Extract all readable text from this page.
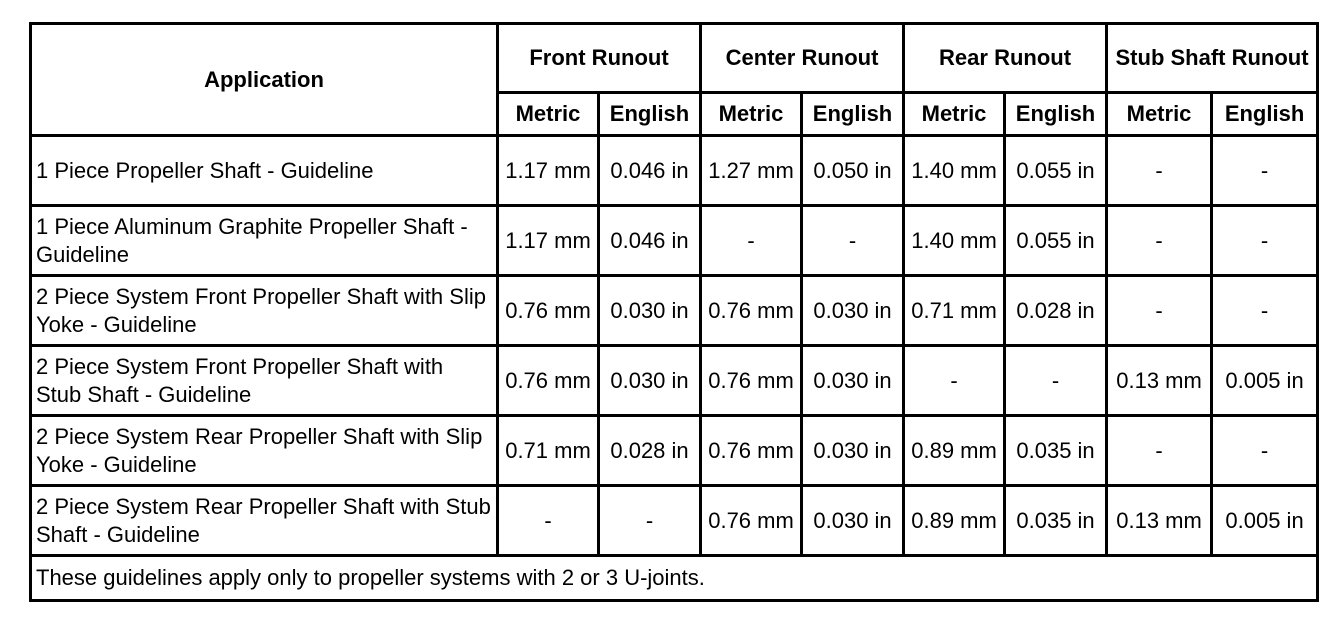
Application	Front Runout		Center Runout		Rear Runout		Stub Shaft Runout	
	Metric	English	Metric	English	Metric	English	Metric	English
1 Piece Propeller Shaft - Guideline	1.17 mm	0.046 in	1.27 mm	0.050 in	1.40 mm	0.055 in	-	-
1 Piece Aluminum Graphite Propeller Shaft - Guideline	1.17 mm	0.046 in	-	-	1.40 mm	0.055 in	-	-
2 Piece System Front Propeller Shaft with Slip Yoke - Guideline	0.76 mm	0.030 in	0.76 mm	0.030 in	0.71 mm	0.028 in	-	-
2 Piece System Front Propeller Shaft with Stub Shaft - Guideline	0.76 mm	0.030 in	0.76 mm	0.030 in	-	-	0.13 mm	0.005 in
2 Piece System Rear Propeller Shaft with Slip Yoke - Guideline	0.71 mm	0.028 in	0.76 mm	0.030 in	0.89 mm	0.035 in	-	-
2 Piece System Rear Propeller Shaft with Stub Shaft - Guideline	-	-	0.76 mm	0.030 in	0.89 mm	0.035 in	0.13 mm	0.005 in
These guidelines apply only to propeller systems with 2 or 3 U-joints.								
